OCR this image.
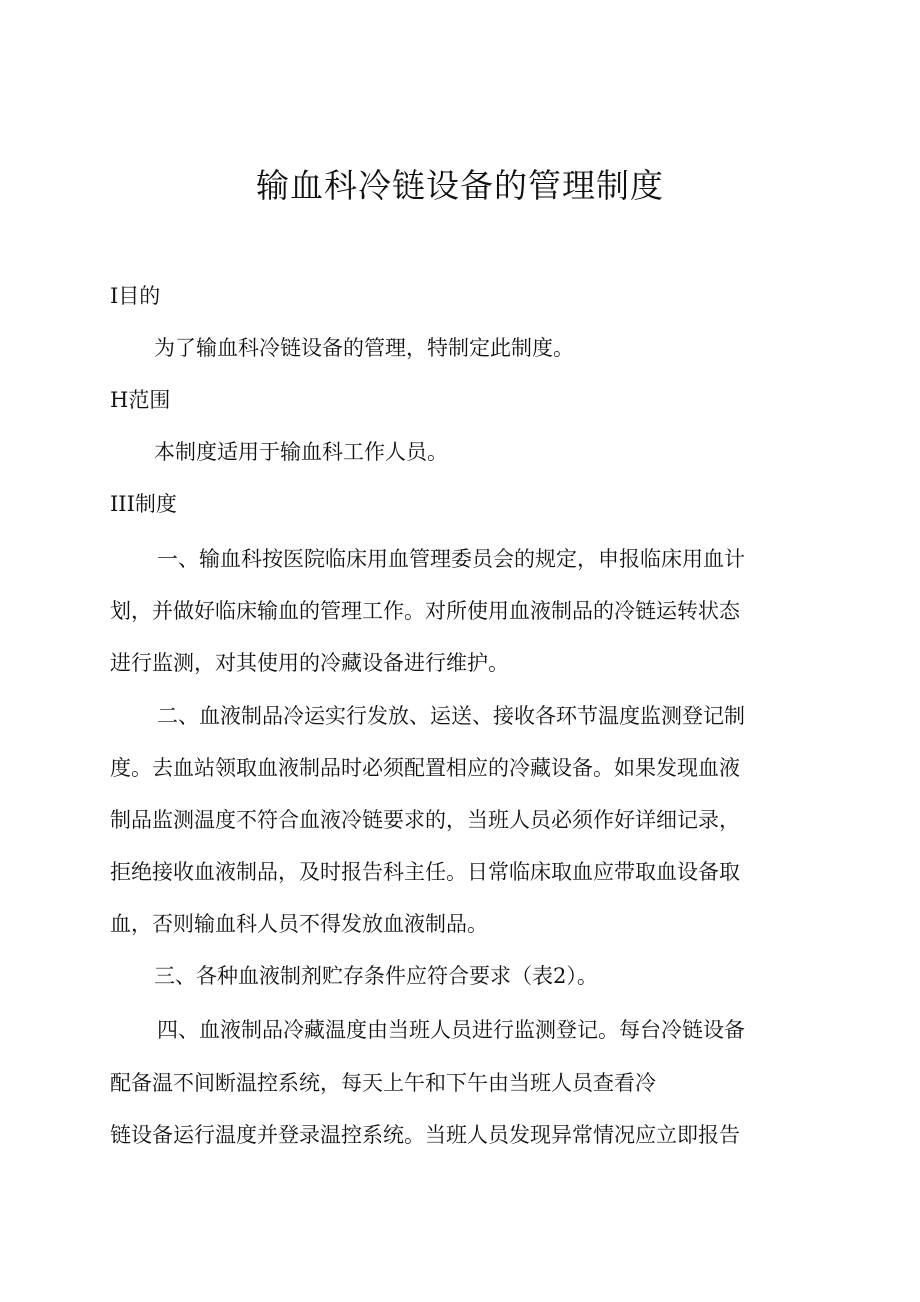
输血科冷链设备的管理制度
I目的
为了输血科冷链设备的管理，特制定此制度。
H范围
本制度适用于输血科工作人员。
III制度
一、输血科按医院临床用血管理委员会的规定，申报临床用血计
划，并做好临床输血的管理工作。对所使用血液制品的冷链运转状态
进行监测，对其使用的冷藏设备进行维护。
二、血液制品冷运实行发放、运送、接收各环节温度监测登记制
度。去血站领取血液制品时必须配置相应的冷藏设备。如果发现血液
制品监测温度不符合血液冷链要求的，当班人员必须作好详细记录，
拒绝接收血液制品，及时报告科主任。日常临床取血应带取血设备取
血，否则输血科人员不得发放血液制品。
三、各种血液制剂贮存条件应符合要求（表2）。
四、血液制品冷藏温度由当班人员进行监测登记。每台冷链设备
配备温不间断温控系统，每天上午和下午由当班人员查看冷
链设备运行温度并登录温控系统。当班人员发现异常情况应立即报告
